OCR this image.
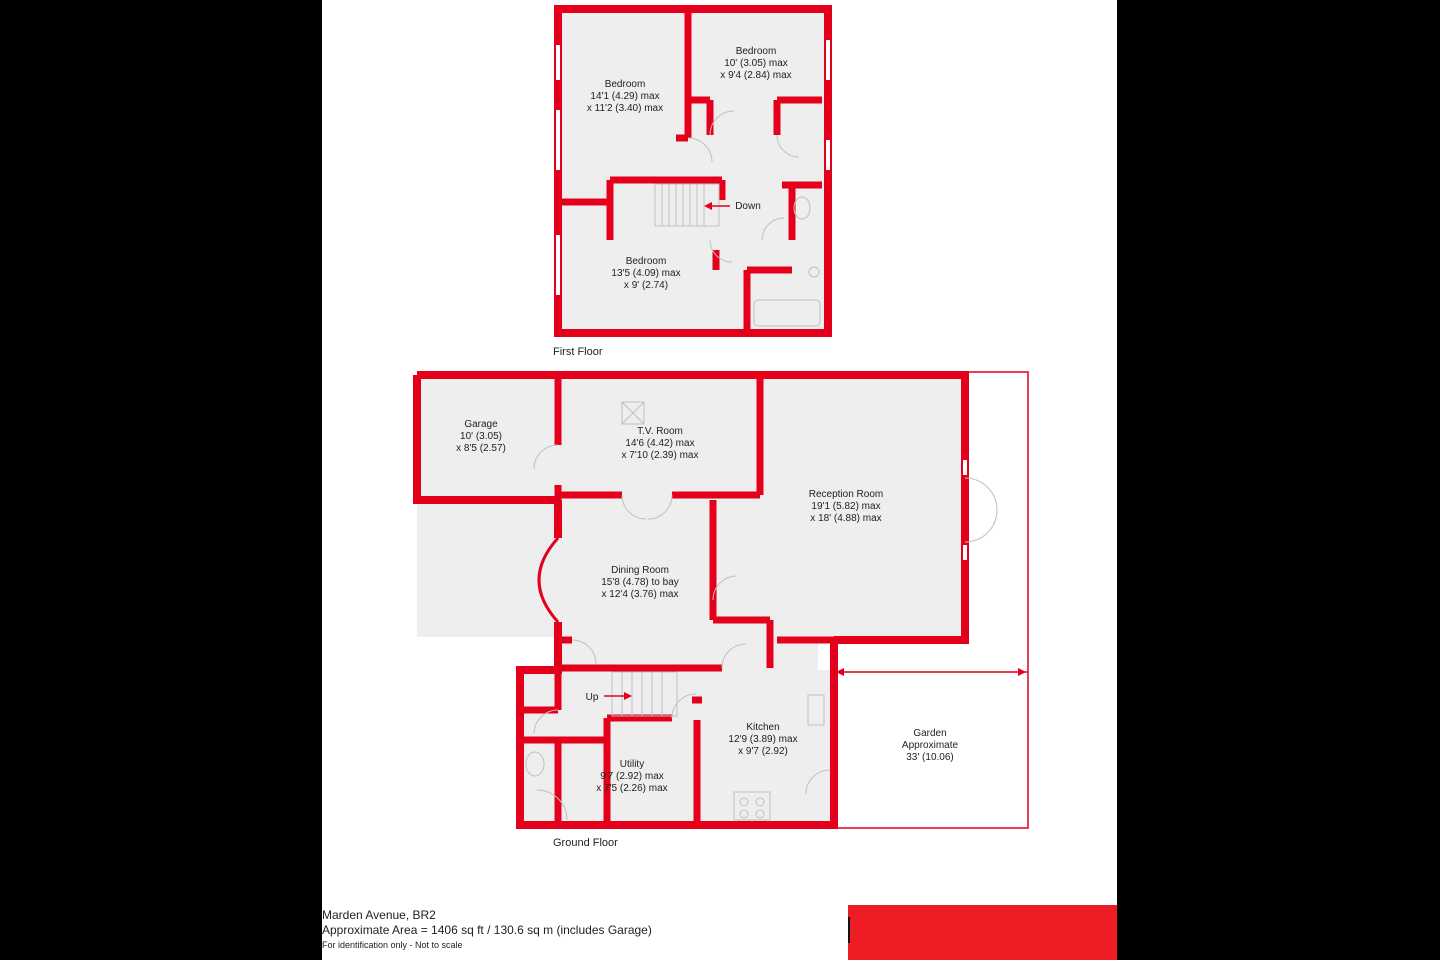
Down
Bedroom
14'1 (4.29) max
x 11'2 (3.40) max
Bedroom
10' (3.05) max
x 9'4 (2.84) max
Bedroom
13'5 (4.09) max
x 9' (2.74)
First Floor
Up
Garage
10' (3.05)
x 8'5 (2.57)
T.V. Room
14'6 (4.42) max
x 7'10 (2.39) max
Reception Room
19'1 (5.82) max
x 18' (4.88) max
Dining Room
15'8 (4.78) to bay
x 12'4 (3.76) max
Kitchen
12'9 (3.89) max
x 9'7 (2.92)
Utility
9'7 (2.92) max
x 7'5 (2.26) max
Garden
Approximate
33' (10.06)
Ground Floor
Marden Avenue, BR2
Approximate Area = 1406 sq ft / 130.6 sq m (includes Garage)
For identification only - Not to scale
